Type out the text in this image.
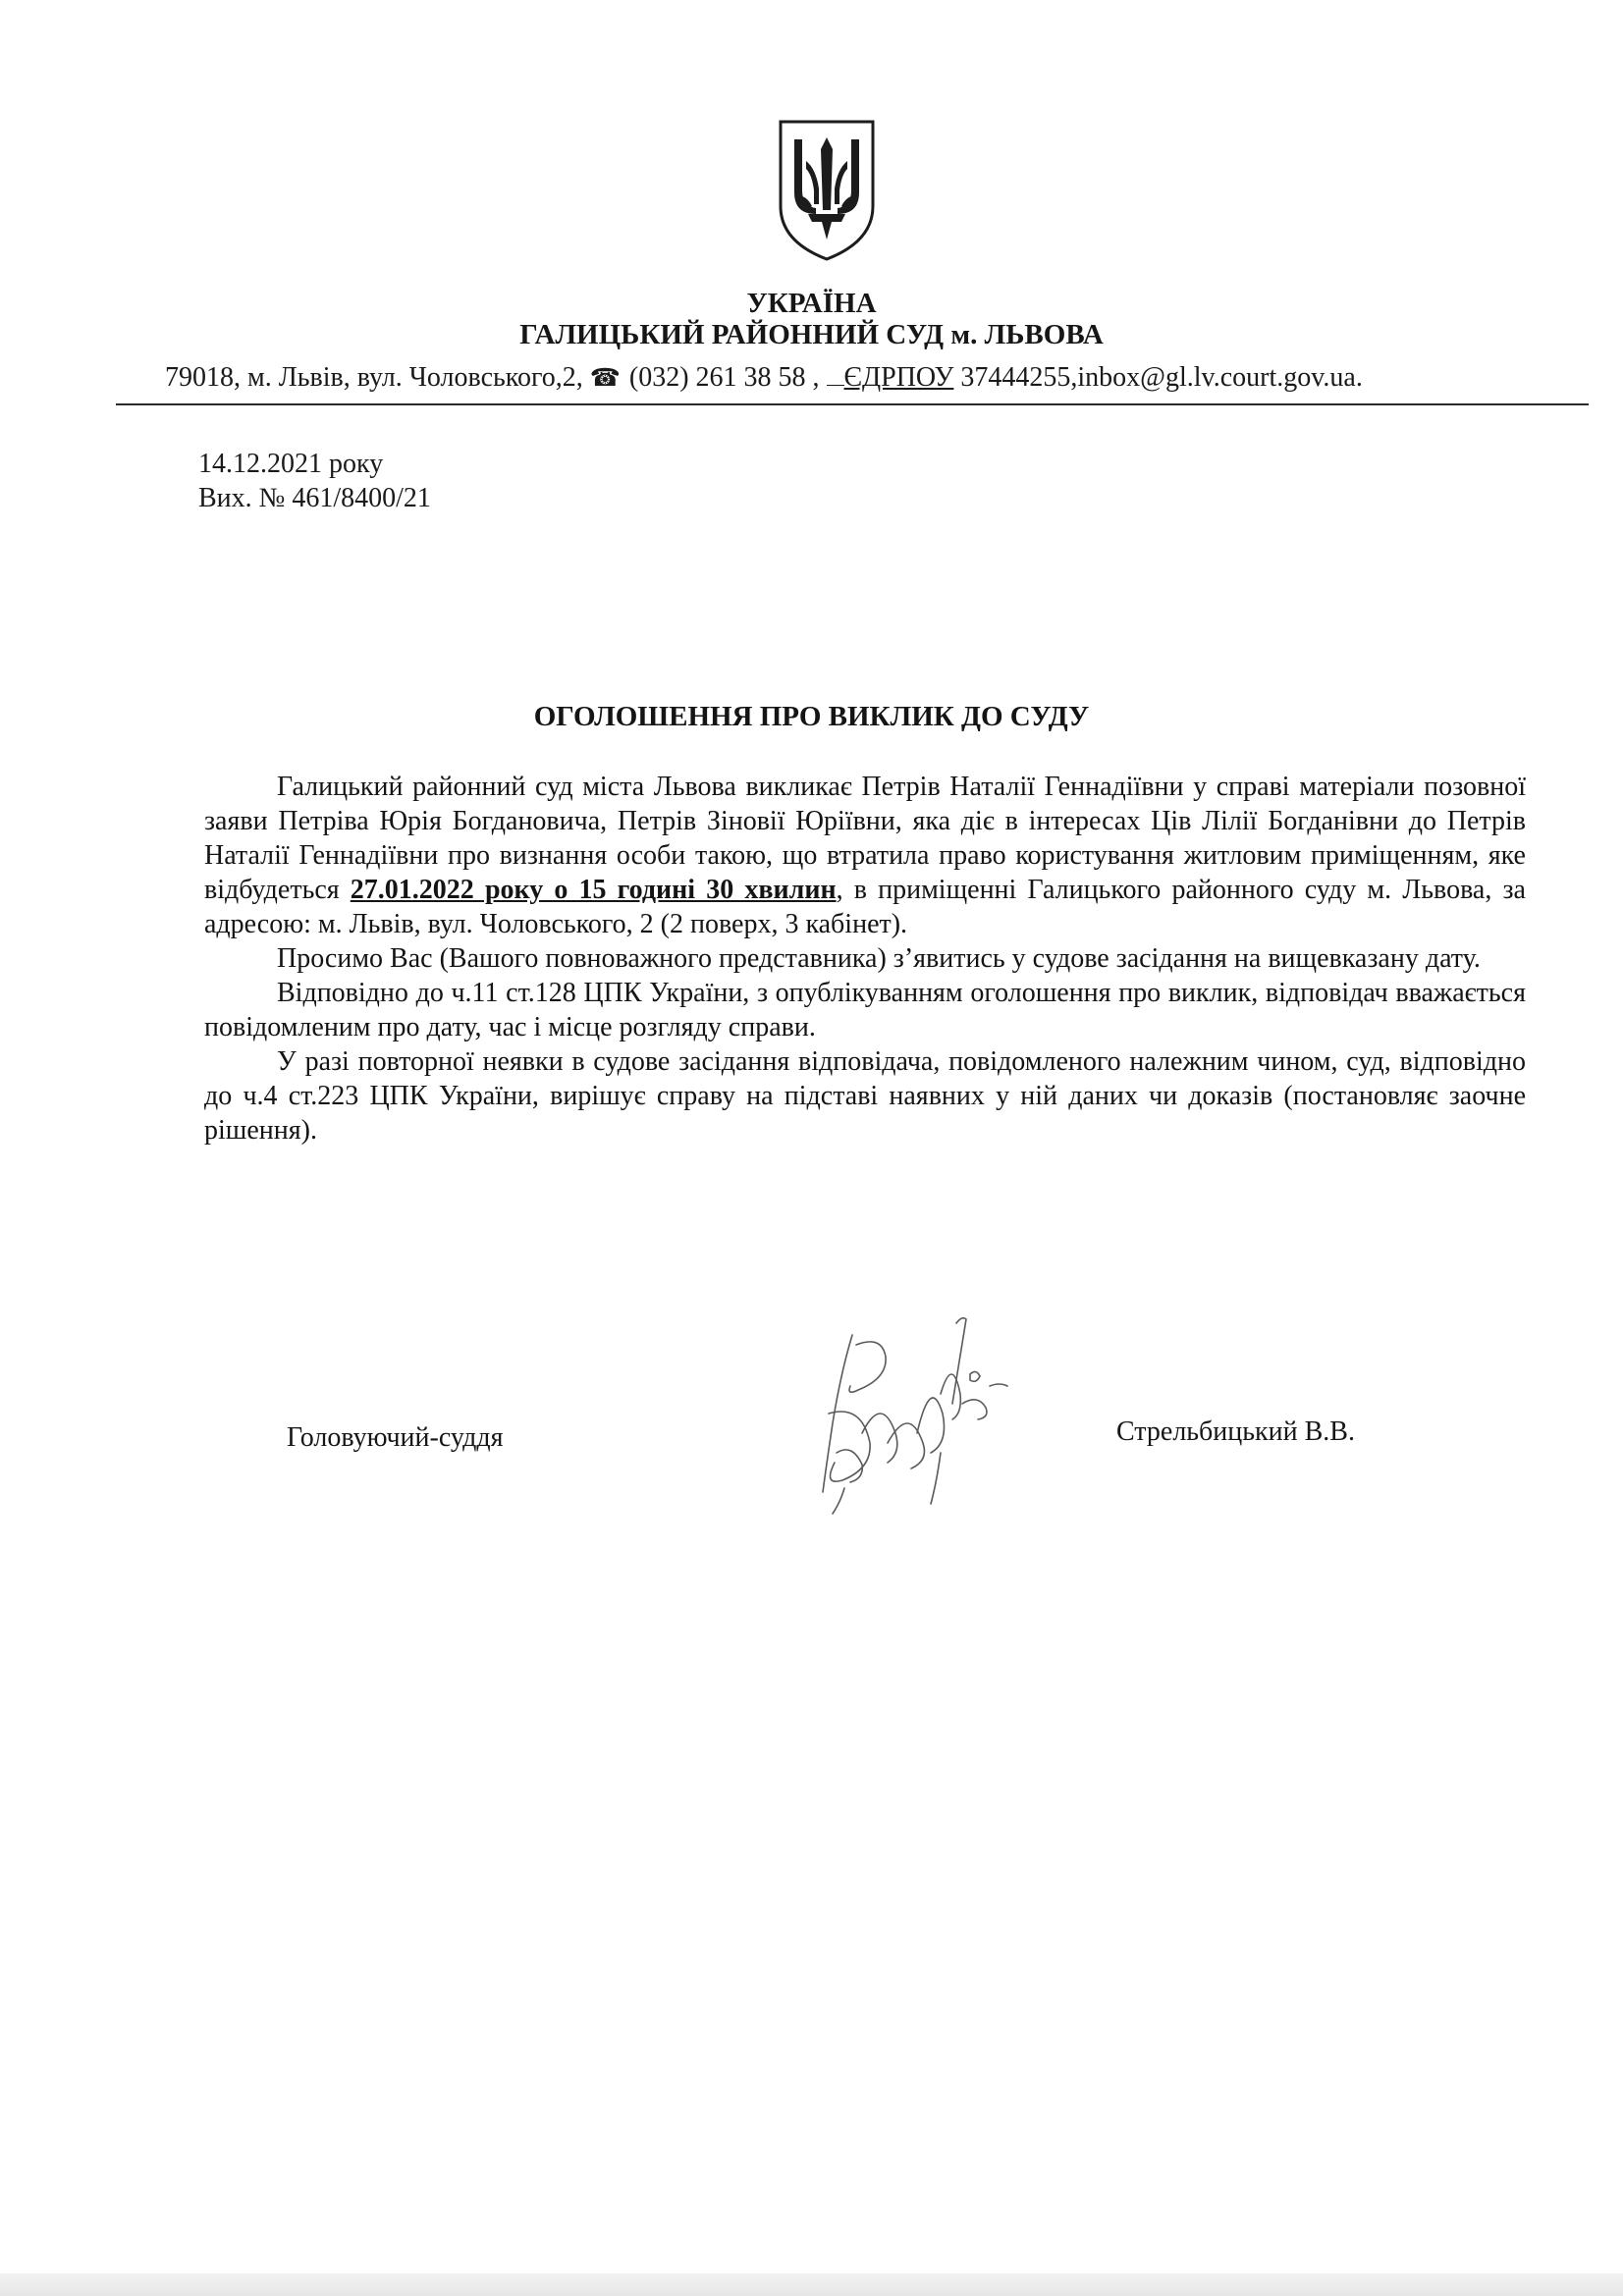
УКРАЇНА
ГАЛИЦЬКИЙ РАЙОННИЙ СУД м. ЛЬВОВА
79018, м. Львів, вул. Чоловського,2, ☎ (032) 261 38 58 , ЄДРПОУ 37444255,inbox@gl.lv.court.gov.ua.
14.12.2021 року
Вих. № 461/8400/21
ОГОЛОШЕННЯ ПРО ВИКЛИК ДО СУДУ

Галицький районний суд міста Львова викликає Петрів Наталії Геннадіївни у справі матеріали позовної заяви Петріва Юрія Богдановича, Петрів Зіновії Юріївни, яка діє в інтересах Ців Лілії Богданівни до Петрів Наталії Геннадіївни про визнання особи такою, що втратила право користування житловим приміщенням, яке відбудеться 27.01.2022 року о 15 годині 30 хвилин, в приміщенні Галицького районного суду м. Львова, за адресою: м. Львів, вул. Чоловського, 2 (2 поверх, 3 кабінет).

Просимо Вас (Вашого повноважного представника) з’явитись у судове засідання на вищевказану дату.

Відповідно до ч.11 ст.128 ЦПК України, з опублікуванням оголошення про виклик, відповідач вважається повідомленим про дату, час і місце розгляду справи.

У разі повторної неявки в судове засідання відповідача, повідомленого належним чином, суд, відповідно до ч.4 ст.223 ЦПК України, вирішує справу на підставі наявних у ній даних чи доказів (постановляє заочне рішення).

Головуючий-суддя	Стрельбицький В.В.
